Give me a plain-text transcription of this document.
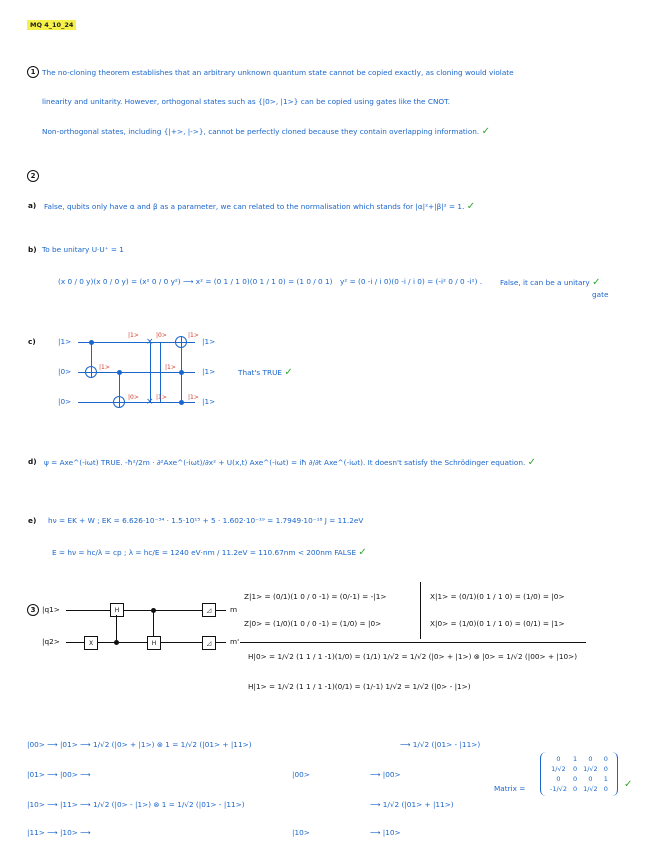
MQ 4_10_24
1 The no-cloning theorem establishes that an arbitrary unknown quantum state cannot be copied exactly, as cloning would violate
linearity and unitarity. However, orthogonal states such as {|0>, |1>} can be copied using gates like the CNOT.
Non-orthogonal states, including {|+>, |->}, cannot be perfectly cloned because they contain overlapping information. ✓
2
a) False, qubits only have α and β as a parameter, we can related to the normalisation which stands for |α|²+|β|² = 1. ✓
b) To be unitary U·U⁺ = 1
(x 0 / 0 y)(x 0 / 0 y) = (x² 0 / 0 y²) ⟶ x² = (0 1 / 1 0)(0 1 / 1 0) = (1 0 / 0 1) y² = (0 -i / i 0)(0 -i / i 0) = (-i² 0 / 0 -i²) . False, it can be a unitary ✓
gate
c)	|1>
|0>
|0>
×
×
|1>
|1>
|0>	|1>
|0>
|1>
|1>	|1>
|1>
|1>
|1>
That's TRUE ✓
d) ψ = Axe^(-iωt) TRUE. -ħ²/2m · ∂²Axe^(-iωt)/∂x² + U(x,t) Axe^(-iωt) = iħ ∂/∂t Axe^(-iωt). It doesn't satisfy the Schrödinger equation. ✓
e) hν = EK + W ; EK = 6.626·10⁻³⁴ · 1.5·10¹⁵ + 5 · 1.602·10⁻¹⁹ = 1.7949·10⁻¹⁸ J = 11.2eV
E = hν = hc/λ = cp ; λ = hc/E = 1240 eV·nm / 11.2eV = 110.67nm < 200nm FALSE ✓
3 |q1>
|q2>
H
X	H
◿
◿
m
m'
Z|1> = (0/1)(1 0 / 0 -1) = (0/-1) = -|1>
Z|0> = (1/0)(1 0 / 0 -1) = (1/0) = |0>
X|1> = (0/1)(0 1 / 1 0) = (1/0) = |0>
X|0> = (1/0)(0 1 / 1 0) = (0/1) = |1>
H|0> = 1/√2 (1 1 / 1 -1)(1/0) = (1/1) 1/√2 = 1/√2 (|0> + |1>) ⊗ |0> = 1/√2 (|00> + |10>)
H|1> = 1/√2 (1 1 / 1 -1)(0/1) = (1/-1) 1/√2 = 1/√2 (|0> - |1>)
|00> ⟶ |01> ⟶ 1/√2 (|0> + |1>) ⊗ 1 = 1/√2 (|01> + |11>)	⟶ 1/√2 (|01> - |11>)
|01> ⟶ |00> ⟶	|00>	⟶ |00>
|10> ⟶ |11> ⟶ 1/√2 (|0> - |1>) ⊗ 1 = 1/√2 (|01> - |11>)	⟶ 1/√2 (|01> + |11>)
|11> ⟶ |10> ⟶	|10>	⟶ |10>
Matrix =
0	1	0	0
1/√2	0	1/√2	0
0	0	0	1
-1/√2	0	1/√2	0 ✓
